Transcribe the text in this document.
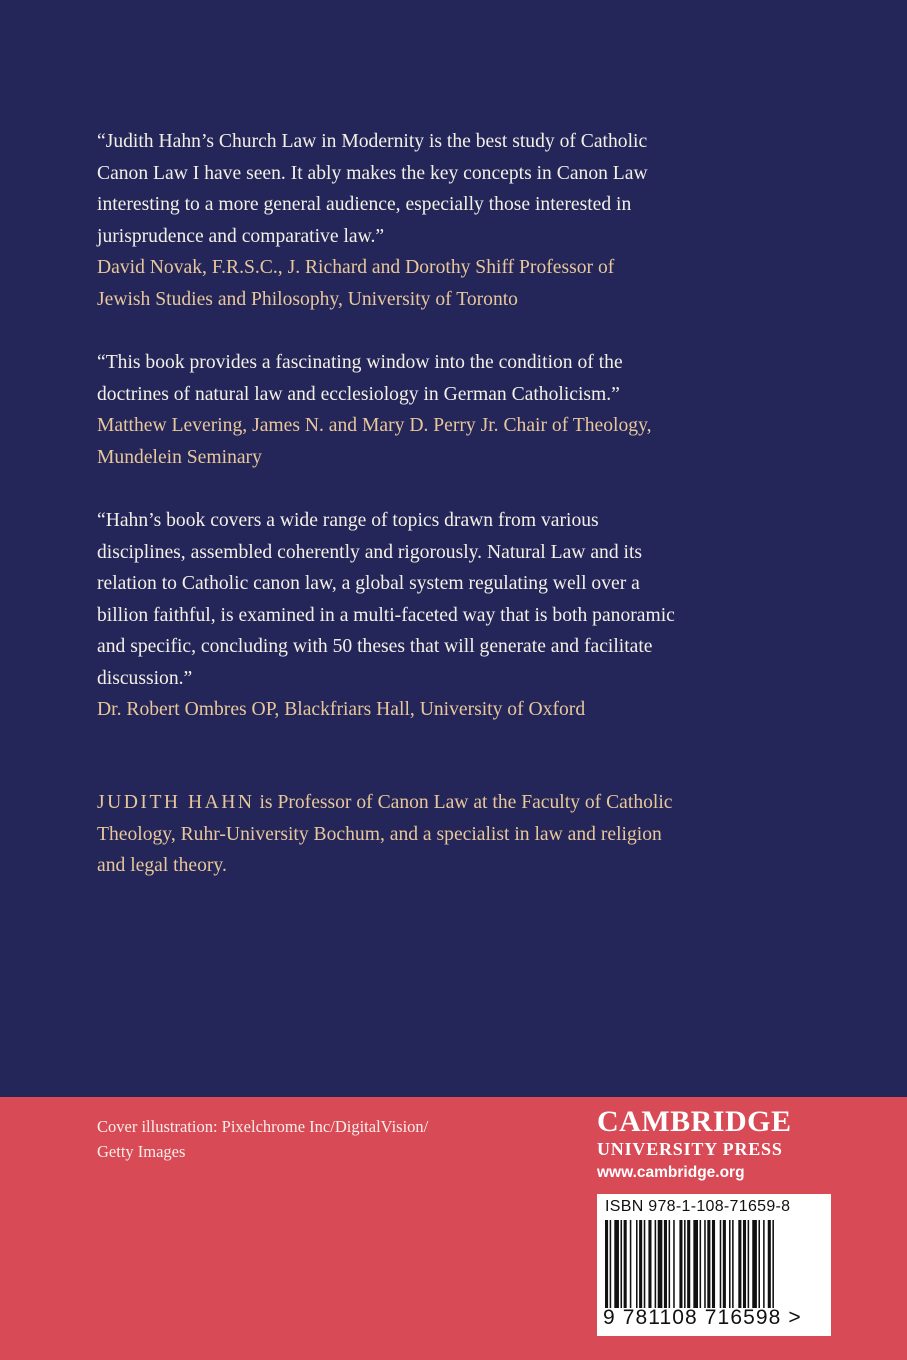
“Judith Hahn’s Church Law in Modernity is the best study of Catholic

Canon Law I have seen. It ably makes the key concepts in Canon Law

interesting to a more general audience, especially those interested in

jurisprudence and comparative law.”

David Novak, F.R.S.C., J. Richard and Dorothy Shiff Professor of

Jewish Studies and Philosophy, University of Toronto

“This book provides a fascinating window into the condition of the

doctrines of natural law and ecclesiology in German Catholicism.”

Matthew Levering, James N. and Mary D. Perry Jr. Chair of Theology,

Mundelein Seminary

“Hahn’s book covers a wide range of topics drawn from various

disciplines, assembled coherently and rigorously. Natural Law and its

relation to Catholic canon law, a global system regulating well over a

billion faithful, is examined in a multi-faceted way that is both panoramic

and specific, concluding with 50 theses that will generate and facilitate

discussion.”

Dr. Robert Ombres OP, Blackfriars Hall, University of Oxford

JUDITH HAHN is Professor of Canon Law at the Faculty of Catholic
Theology, Ruhr-University Bochum, and a specialist in law and religion
and legal theory.
Cover illustration: Pixelchrome Inc/DigitalVision/
Getty Images
CAMBRIDGE
UNIVERSITY PRESS
www.cambridge.org
ISBN 978-1-108-71659-8
9 781108 716598 >
